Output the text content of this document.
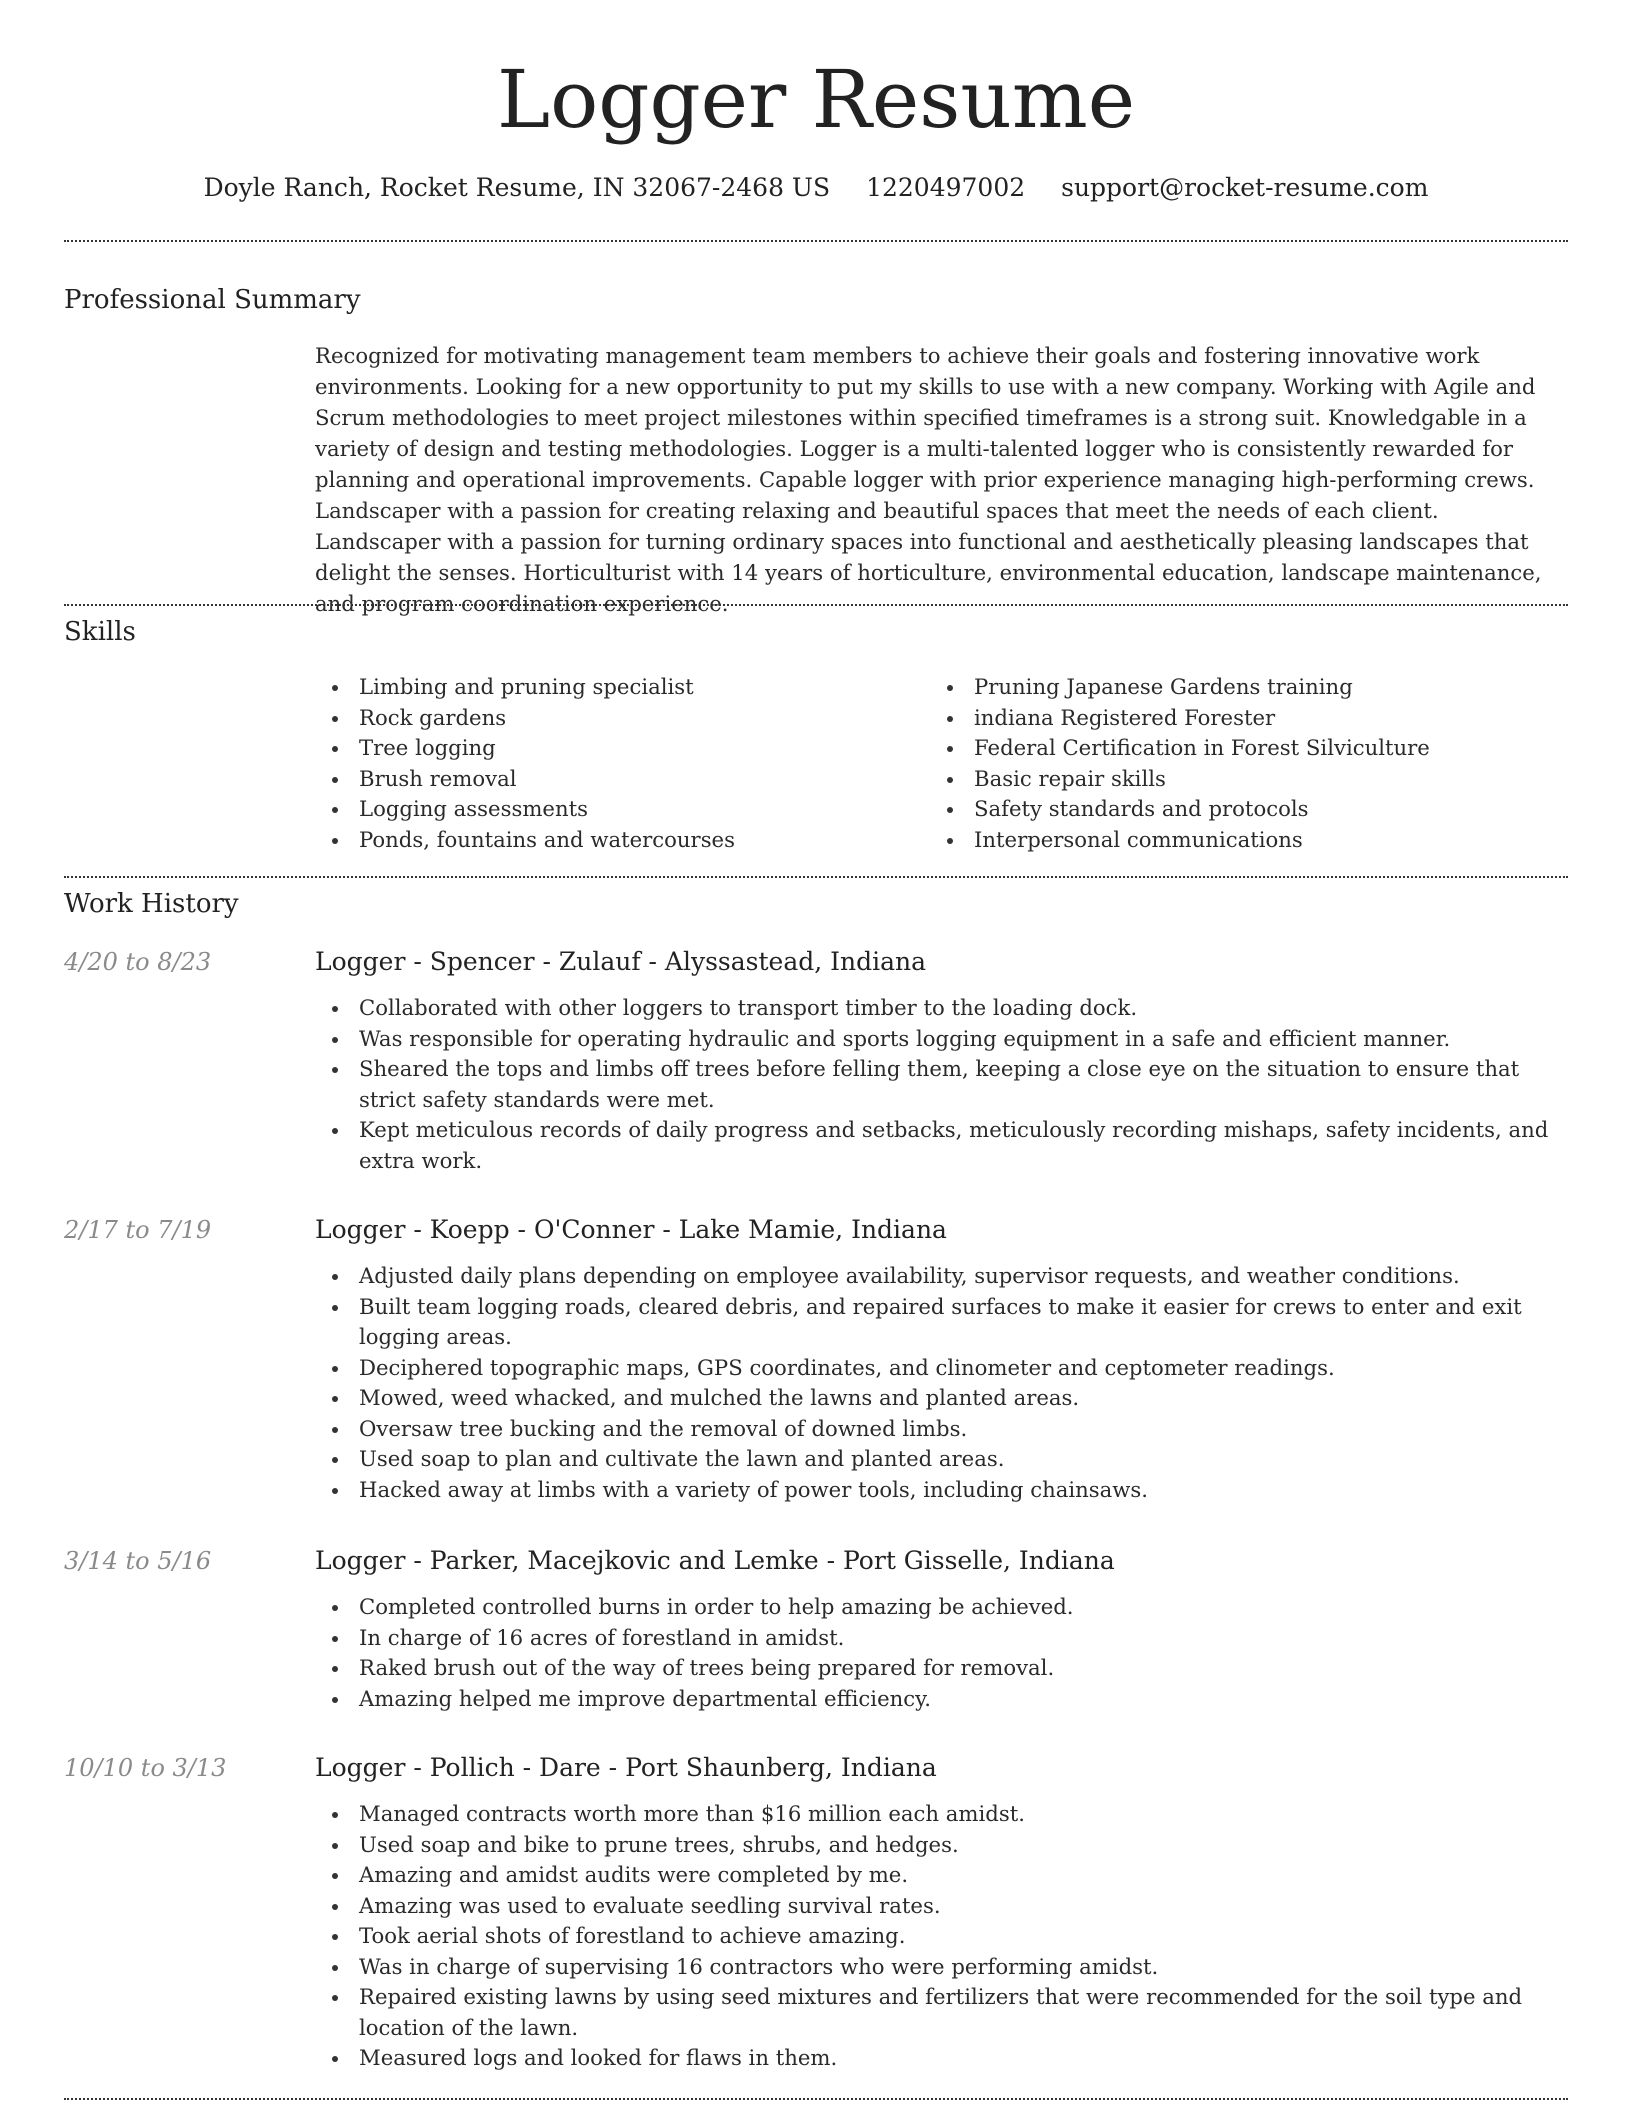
Logger Resume
Doyle Ranch, Rocket Resume, IN 32067-2468 US 1220497002 support@rocket-resume.com
Professional Summary

Recognized for motivating management team members to achieve their goals and fostering innovative work environments. Looking for a new opportunity to put my skills to use with a new company. Working with Agile and Scrum methodologies to meet project milestones within specified timeframes is a strong suit. Knowledgable in a variety of design and testing methodologies. Logger is a multi-talented logger who is consistently rewarded for planning and operational improvements. Capable logger with prior experience managing high-performing crews. Landscaper with a passion for creating relaxing and beautiful spaces that meet the needs of each client. Landscaper with a passion for turning ordinary spaces into functional and aesthetically pleasing landscapes that delight the senses. Horticulturist with 14 years of horticulture, environmental education, landscape maintenance, and program coordination experience.

Skills
Limbing and pruning specialist
Rock gardens
Tree logging
Brush removal
Logging assessments
Ponds, fountains and watercourses
Pruning Japanese Gardens training
indiana Registered Forester
Federal Certification in Forest Silviculture
Basic repair skills
Safety standards and protocols
Interpersonal communications
Work History
4/20 to 8/23	Logger - Spencer - Zulauf - Alyssastead, Indiana
Collaborated with other loggers to transport timber to the loading dock.
Was responsible for operating hydraulic and sports logging equipment in a safe and efficient manner.
Sheared the tops and limbs off trees before felling them, keeping a close eye on the situation to ensure that strict safety standards were met.
Kept meticulous records of daily progress and setbacks, meticulously recording mishaps, safety incidents, and extra work.
2/17 to 7/19	Logger - Koepp - O'Conner - Lake Mamie, Indiana
Adjusted daily plans depending on employee availability, supervisor requests, and weather conditions.
Built team logging roads, cleared debris, and repaired surfaces to make it easier for crews to enter and exit logging areas.
Deciphered topographic maps, GPS coordinates, and clinometer and ceptometer readings.
Mowed, weed whacked, and mulched the lawns and planted areas.
Oversaw tree bucking and the removal of downed limbs.
Used soap to plan and cultivate the lawn and planted areas.
Hacked away at limbs with a variety of power tools, including chainsaws.
3/14 to 5/16	Logger - Parker, Macejkovic and Lemke - Port Gisselle, Indiana
Completed controlled burns in order to help amazing be achieved.
In charge of 16 acres of forestland in amidst.
Raked brush out of the way of trees being prepared for removal.
Amazing helped me improve departmental efficiency.
10/10 to 3/13	Logger - Pollich - Dare - Port Shaunberg, Indiana
Managed contracts worth more than $16 million each amidst.
Used soap and bike to prune trees, shrubs, and hedges.
Amazing and amidst audits were completed by me.
Amazing was used to evaluate seedling survival rates.
Took aerial shots of forestland to achieve amazing.
Was in charge of supervising 16 contractors who were performing amidst.
Repaired existing lawns by using seed mixtures and fertilizers that were recommended for the soil type and location of the lawn.
Measured logs and looked for flaws in them.
